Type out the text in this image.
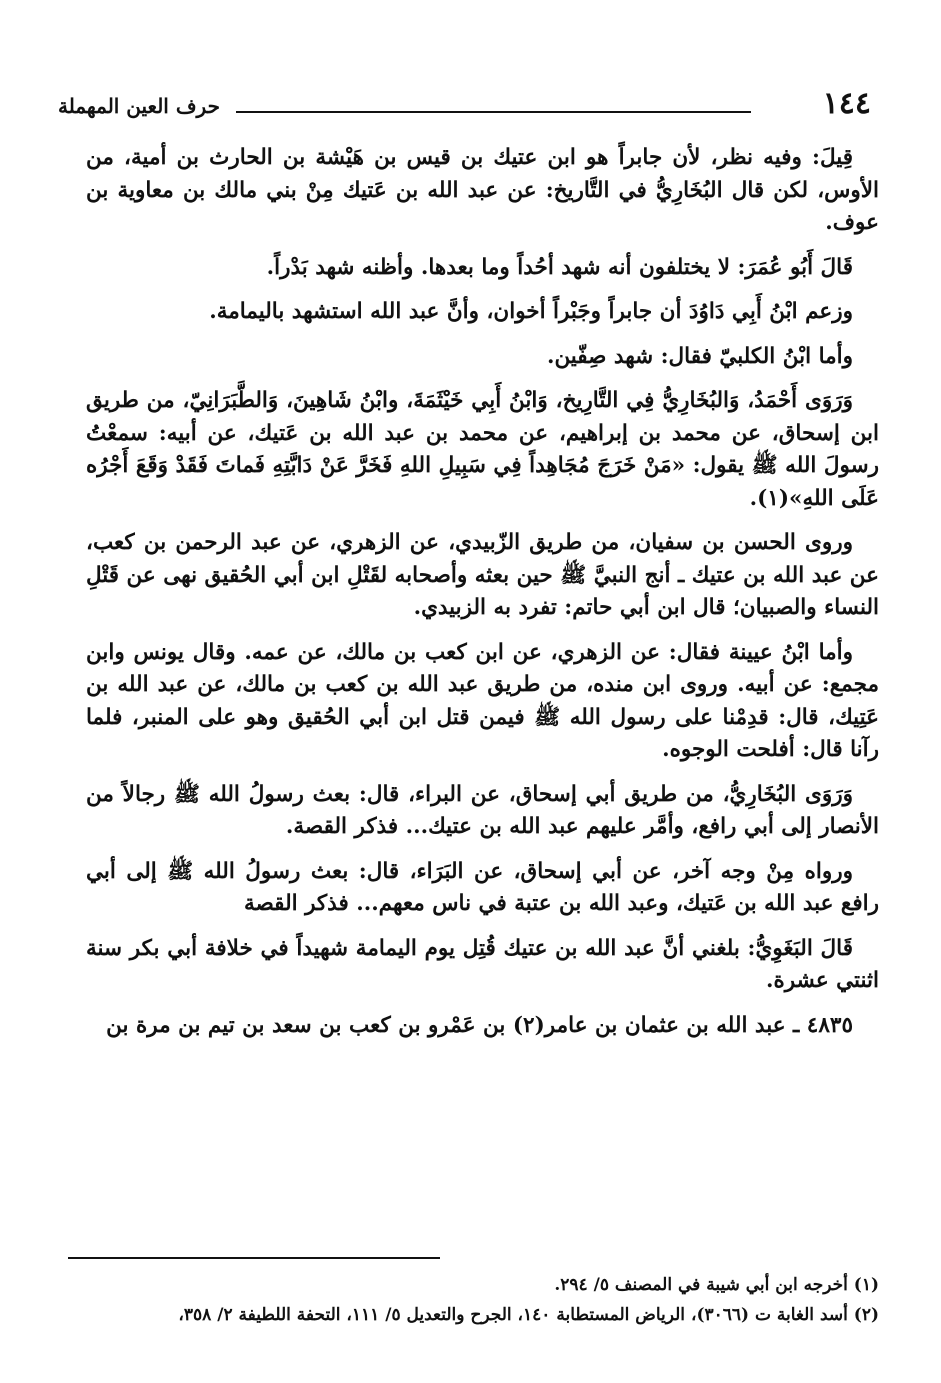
١٤٤
حرف العين المهملة

قِيلَ: وفيه نظر، لأن جابراً هو ابن عتيك بن قيس بن هَيْشة بن الحارث بن أمية، من الأوس، لكن قال البُخَارِيُّ في التَّاريخ: عن عبد الله بن عَتيك مِنْ بني مالك بن معاوية بن عوف.

قَالَ أَبُو عُمَرَ: لا يختلفون أنه شهد أحُداً وما بعدها. وأظنه شهد بَدْراً.

وزعم ابْنُ أَبِي دَاوُدَ أن جابراً وجَبْراً أخوان، وأنَّ عبد الله استشهد باليمامة.

وأما ابْنُ الكلبيّ فقال: شهد صِفّين.

وَرَوَى أَحْمَدُ، وَالبُخَارِيُّ فِي التَّارِيخ، وَابْنُ أَبِي خَيْثَمَةَ، وابْنُ شَاهِينَ، وَالطَّبَرَانِيّ، من طريق ابن إسحاق، عن محمد بن إبراهيم، عن محمد بن عبد الله بن عَتيك، عن أبيه: سمعْتُ رسولَ الله ﷺ يقول: «مَنْ خَرَجَ مُجَاهِداً فِي سَبِيلِ اللهِ فَخَرَّ عَنْ دَابَّتِهِ فَماتَ فَقَدْ وَقَعَ أَجْرُه عَلَى اللهِ»(١).

وروى الحسن بن سفيان، من طريق الزّبيدي، عن الزهري، عن عبد الرحمن بن كعب، عن عبد الله بن عتيك ـ أنج النبيَّ ﷺ حين بعثه وأصحابه لقَتْلِ ابن أبي الحُقيق نهى عن قَتْلِ النساء والصبيان؛ قال ابن أبي حاتم: تفرد به الزبيدي.

وأما ابْنُ عيينة فقال: عن الزهري، عن ابن كعب بن مالك، عن عمه. وقال يونس وابن مجمع: عن أبيه. وروى ابن منده، من طريق عبد الله بن كعب بن مالك، عن عبد الله بن عَتِيك، قال: قدِمْنا على رسول الله ﷺ فيمن قتل ابن أبي الحُقيق وهو على المنبر، فلما رآنا قال: أفلحت الوجوه.

وَرَوَى البُخَارِيُّ، من طريق أبي إسحاق، عن البراء، قال: بعث رسولُ الله ﷺ رجالاً من الأنصار إلى أبي رافع، وأمَّر عليهم عبد الله بن عتيك... فذكر القصة.

ورواه مِنْ وجه آخر، عن أبي إسحاق، عن البَرَاء، قال: بعث رسولُ الله ﷺ إلى أبي رافع عبد الله بن عَتيك، وعبد الله بن عتبة في ناس معهم... فذكر القصة

قَالَ البَغَوِيُّ: بلغني أنَّ عبد الله بن عتيك قُتِل يوم اليمامة شهيداً في خلافة أبي بكر سنة اثنتي عشرة.

٤٨٣٥ ـ عبد الله بن عثمان بن عامر(٢) بن عَمْرو بن كعب بن سعد بن تيم بن مرة بن

(١) أخرجه ابن أبي شيبة في المصنف ٥/ ٢٩٤.

(٢) أسد الغابة ت (٣٠٦٦)، الرياض المستطابة ١٤٠، الجرح والتعديل ٥/ ١١١، التحفة اللطيفة ٢/ ٣٥٨،
